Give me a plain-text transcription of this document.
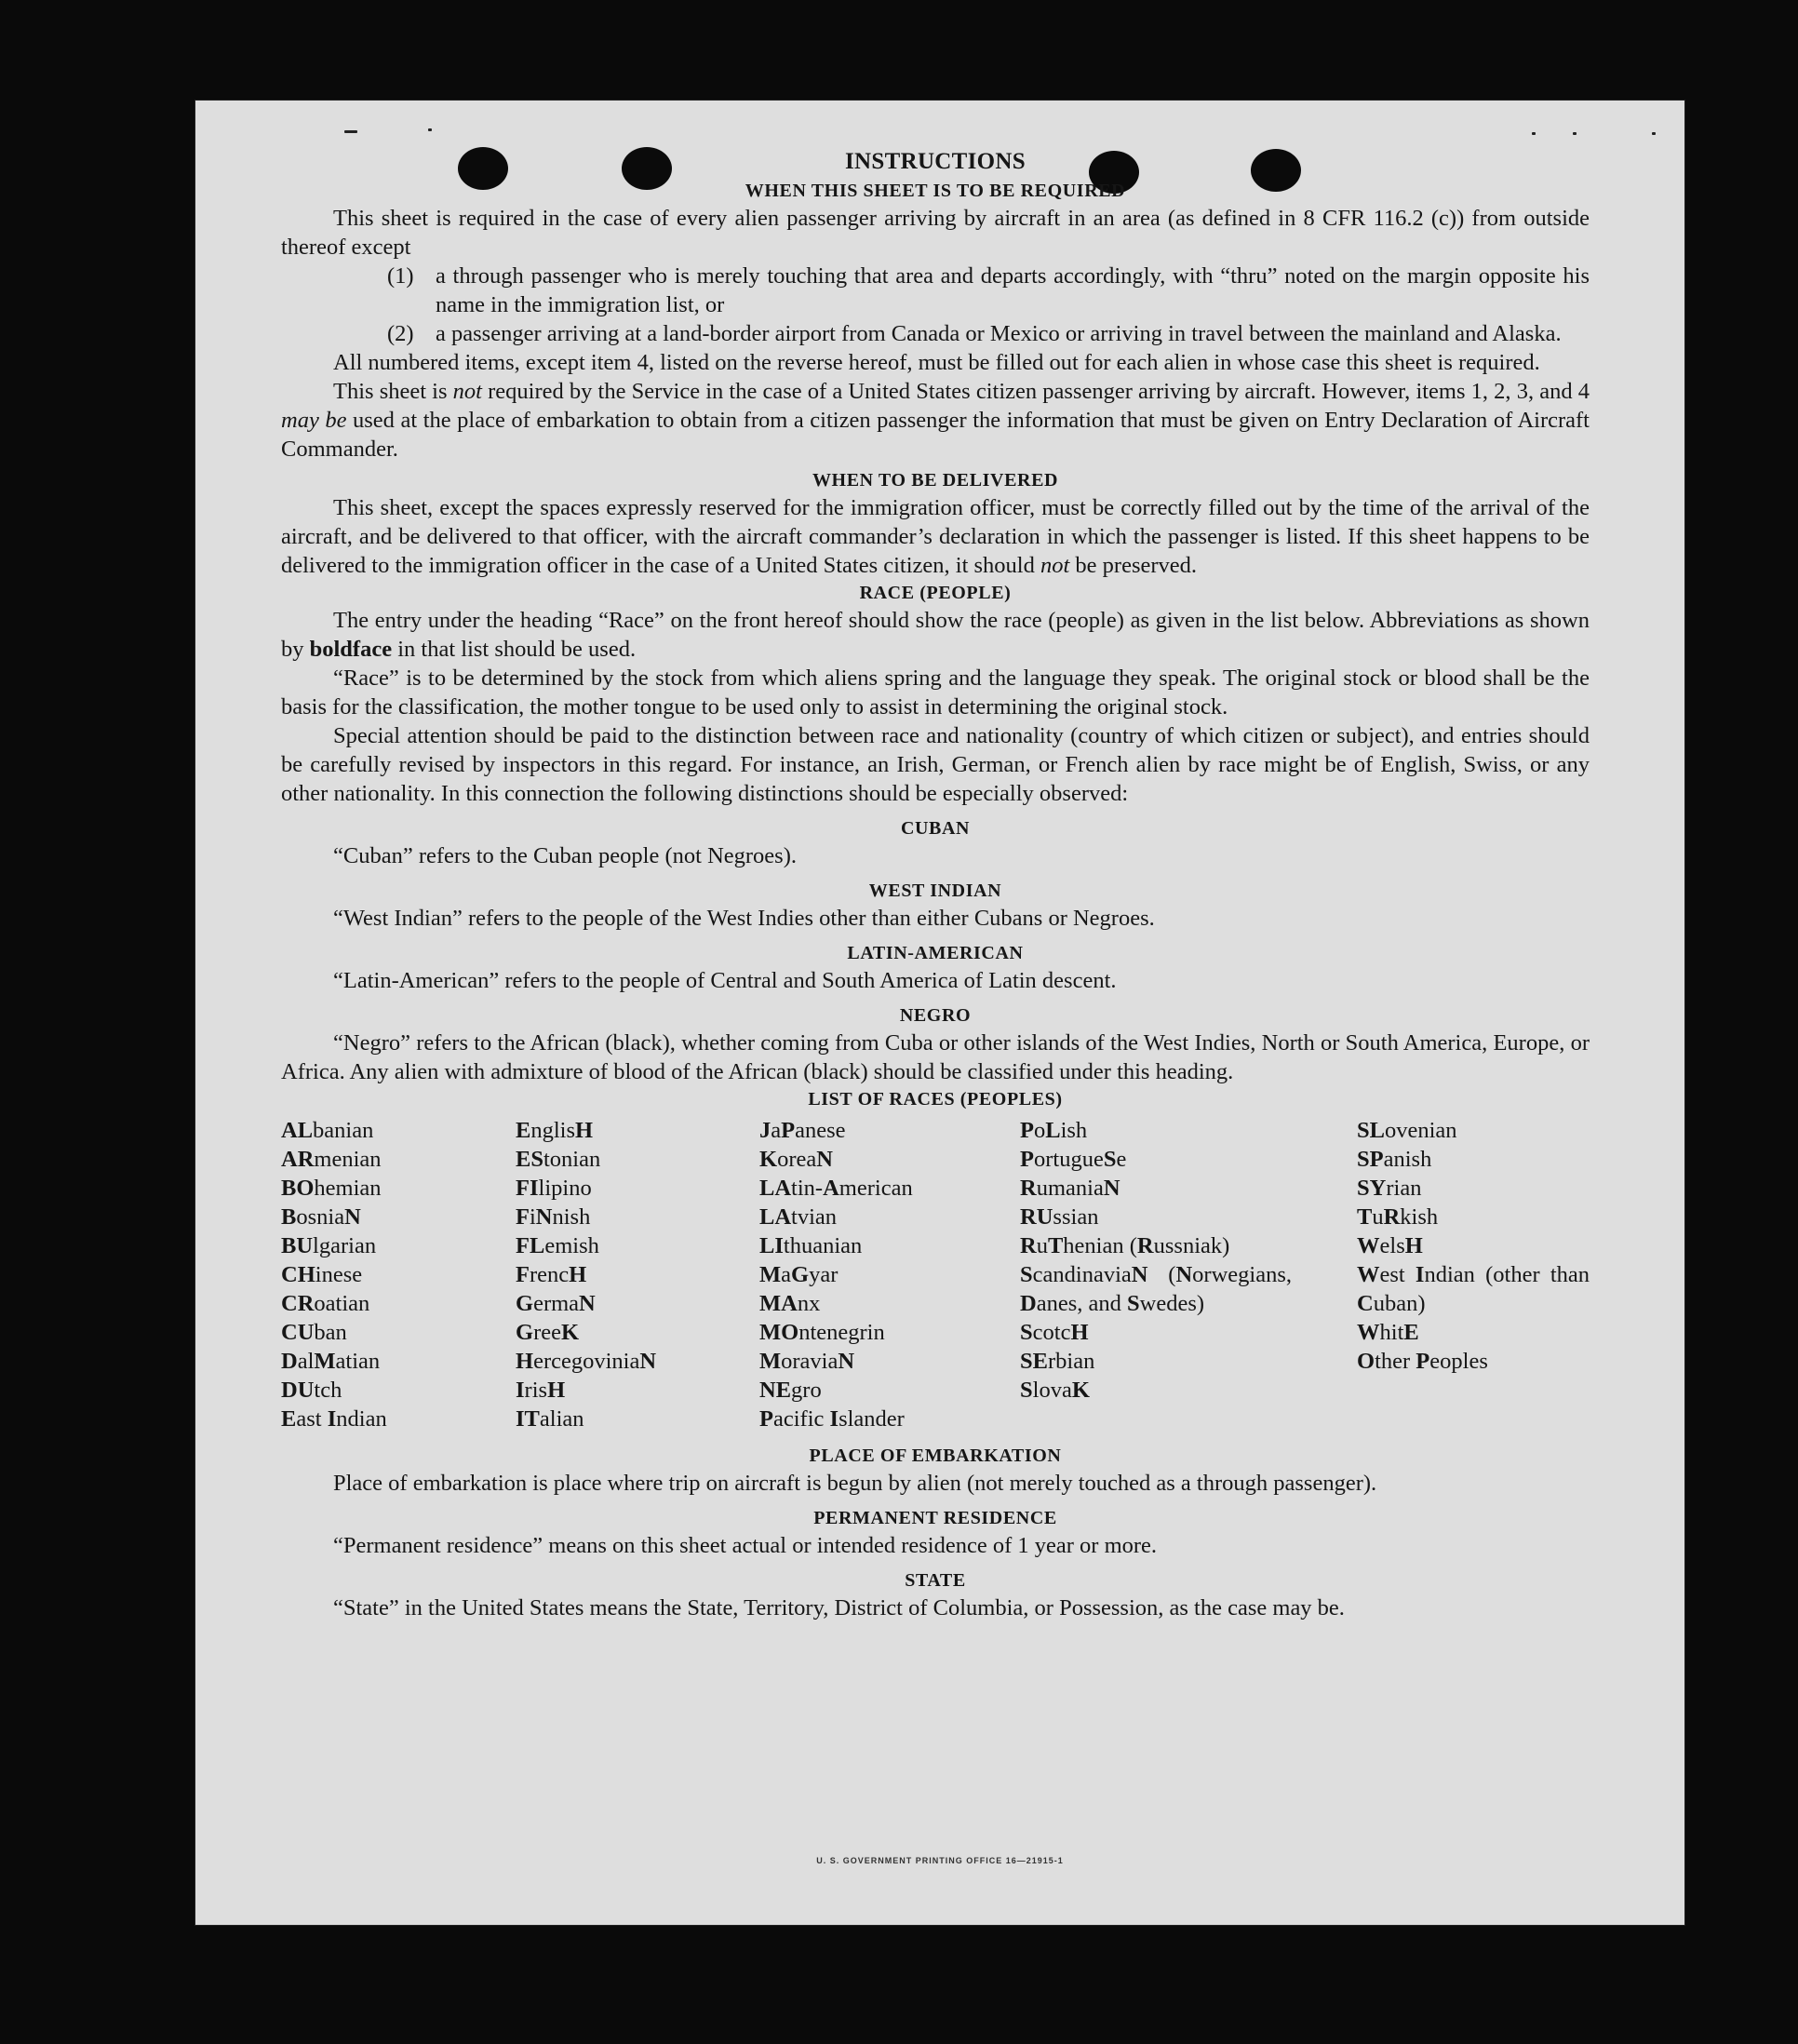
INSTRUCTIONS
WHEN THIS SHEET IS TO BE REQUIRED

This sheet is required in the case of every alien passenger arriving by aircraft in an area (as defined in 8 CFR 116.2 (c)) from outside thereof except

(1) a through passenger who is merely touching that area and departs accordingly, with “thru” noted on the margin opposite his name in the immigration list, or
(2) a passenger arriving at a land-border airport from Canada or Mexico or arriving in travel between the mainland and Alaska.

All numbered items, except item 4, listed on the reverse hereof, must be filled out for each alien in whose case this sheet is required.

This sheet is not required by the Service in the case of a United States citizen passenger arriving by aircraft. However, items 1, 2, 3, and 4 may be used at the place of embarkation to obtain from a citizen passenger the information that must be given on Entry Declaration of Aircraft Commander.

WHEN TO BE DELIVERED

This sheet, except the spaces expressly reserved for the immigration officer, must be correctly filled out by the time of the arrival of the aircraft, and be delivered to that officer, with the aircraft commander’s declaration in which the passenger is listed. If this sheet happens to be delivered to the immigration officer in the case of a United States citizen, it should not be preserved.

RACE (PEOPLE)

The entry under the heading “Race” on the front hereof should show the race (people) as given in the list below. Abbreviations as shown by boldface in that list should be used.

“Race” is to be determined by the stock from which aliens spring and the language they speak. The original stock or blood shall be the basis for the classification, the mother tongue to be used only to assist in determining the original stock.

Special attention should be paid to the distinction between race and nationality (country of which citizen or subject), and entries should be carefully revised by inspectors in this regard. For instance, an Irish, German, or French alien by race might be of English, Swiss, or any other nationality. In this connection the following distinctions should be especially observed:

CUBAN

“Cuban” refers to the Cuban people (not Negroes).

WEST INDIAN

“West Indian” refers to the people of the West Indies other than either Cubans or Negroes.

LATIN-AMERICAN

“Latin-American” refers to the people of Central and South America of Latin descent.

NEGRO

“Negro” refers to the African (black), whether coming from Cuba or other islands of the West Indies, North or South America, Europe, or Africa. Any alien with admixture of blood of the African (black) should be classified under this heading.

LIST OF RACES (PEOPLES)
ALbanian
ARmenian
BOhemian
BosniaN
BUlgarian
CHinese
CRoatian
CUban
DalMatian
DUtch
East Indian
EnglisH
EStonian
FIlipino
FiNnish
FLemish
FrencH
GermaN
GreeK
HercegoviniaN
IrisH
ITalian
JaPanese
KoreaN
LAtin-American
LAtvian
LIthuanian
MaGyar
MAnx
MOntenegrin
MoraviaN
NEgro
Pacific Islander
PoLish
PortugueSe
RumaniaN
RUssian
RuThenian (Russniak)
ScandinaviaN (Norwegians, Danes, and Swedes)
ScotcH
SErbian
SlovaK
SLovenian
SPanish
SYrian
TuRkish
WelsH
West Indian (other than Cuban)
WhitE
Other Peoples
PLACE OF EMBARKATION

Place of embarkation is place where trip on aircraft is begun by alien (not merely touched as a through passenger).

PERMANENT RESIDENCE

“Permanent residence” means on this sheet actual or intended residence of 1 year or more.

STATE

“State” in the United States means the State, Territory, District of Columbia, or Possession, as the case may be.

U. S. GOVERNMENT PRINTING OFFICE 16—21915-1
